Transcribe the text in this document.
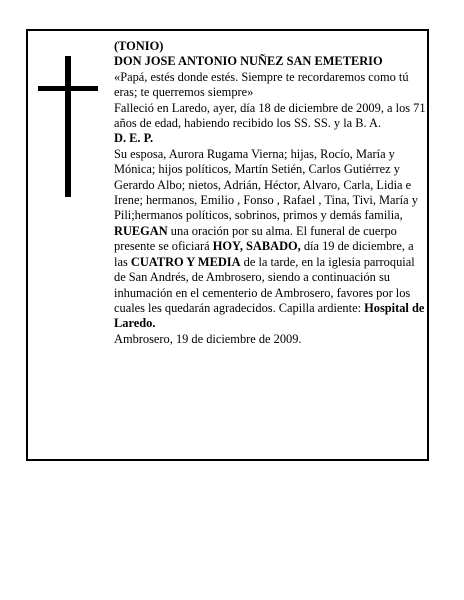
(TONIO)

DON JOSE ANTONIO NUÑEZ SAN EMETERIO

«Papá, estés donde estés. Siempre te recordaremos como tú eras; te querremos siempre»

Falleció en Laredo, ayer, día 18 de diciembre de 2009, a los 71 años de edad, habiendo recibido los SS. SS. y la B. A.

D. E. P.

Su esposa, Aurora Rugama Vierna; hijas, Rocío, María y Mónica; hijos políticos, Martín Setién, Carlos Gutiérrez y Gerardo Albo; nietos, Adrián, Héctor, Alvaro, Carla, Lidia e Irene; hermanos, Emilio , Fonso , Rafael , Tina, Tivi, María y Pili;hermanos políticos, sobrinos, primos y demás familia,

RUEGAN una oración por su alma. El funeral de cuerpo presente se oficiará HOY, SABADO, día 19 de diciembre, a las CUATRO Y MEDIA de la tarde, en la iglesia parroquial de San Andrés, de Ambrosero, siendo a continuación su inhumación en el cementerio de Ambrosero, favores por los cuales les quedarán agradecidos. Capilla ardiente: Hospital de Laredo.

Ambrosero, 19 de diciembre de 2009.
